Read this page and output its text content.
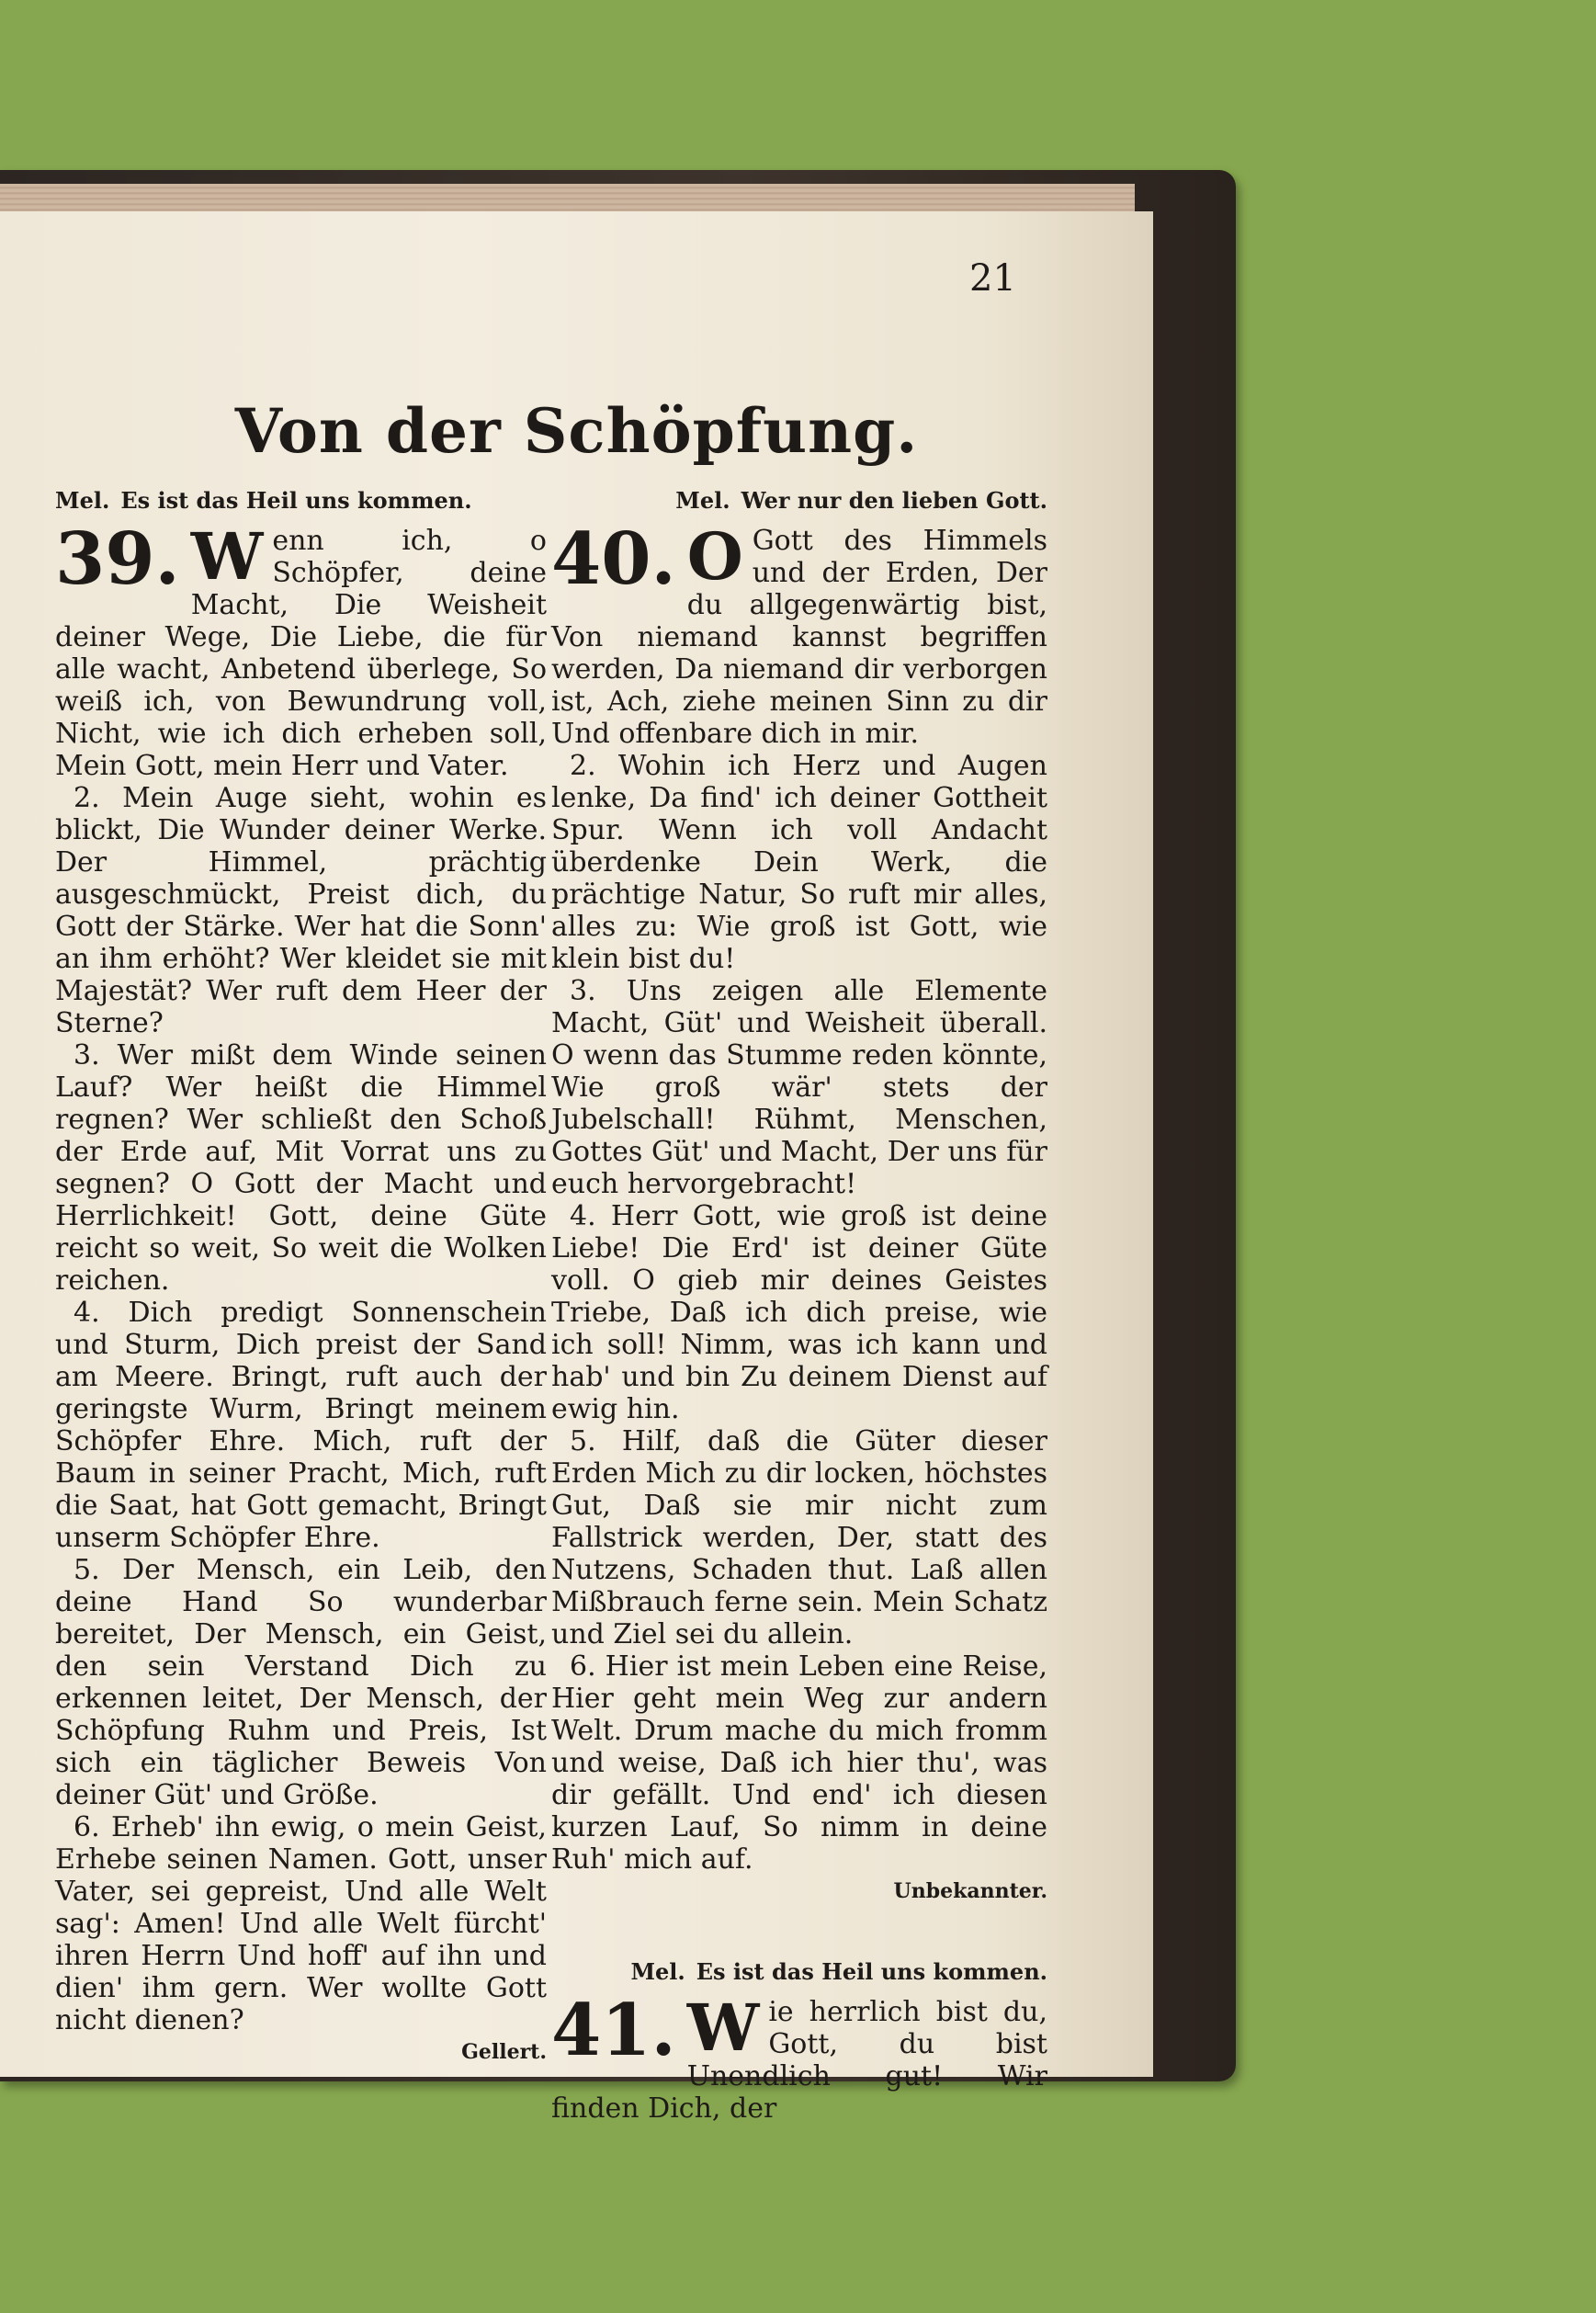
21

Von der Schöpfung.
Mel. Es ist das Heil uns kommen.
39. W enn ich, o Schöpfer, deine Macht, Die Weisheit deiner Wege, Die Liebe, die für alle wacht, Anbetend überlege, So weiß ich, von Bewundrung voll, Nicht, wie ich dich erheben soll, Mein Gott, mein Herr und Vater.

2. Mein Auge sieht, wohin es blickt, Die Wunder deiner Werke. Der Himmel, prächtig ausgeschmückt, Preist dich, du Gott der Stärke. Wer hat die Sonn' an ihm erhöht? Wer kleidet sie mit Majestät? Wer ruft dem Heer der Sterne?

3. Wer mißt dem Winde seinen Lauf? Wer heißt die Himmel regnen? Wer schließt den Schoß der Erde auf, Mit Vorrat uns zu segnen? O Gott der Macht und Herrlichkeit! Gott, deine Güte reicht so weit, So weit die Wolken reichen.

4. Dich predigt Sonnenschein und Sturm, Dich preist der Sand am Meere. Bringt, ruft auch der geringste Wurm, Bringt meinem Schöpfer Ehre. Mich, ruft der Baum in seiner Pracht, Mich, ruft die Saat, hat Gott gemacht, Bringt unserm Schöpfer Ehre.

5. Der Mensch, ein Leib, den deine Hand So wunderbar bereitet, Der Mensch, ein Geist, den sein Verstand Dich zu erkennen leitet, Der Mensch, der Schöpfung Ruhm und Preis, Ist sich ein täglicher Beweis Von deiner Güt' und Größe.

6. Erheb' ihn ewig, o mein Geist, Erhebe seinen Namen. Gott, unser Vater, sei gepreist, Und alle Welt sag': Amen! Und alle Welt fürcht' ihren Herrn Und hoff' auf ihn und dien' ihm gern. Wer wollte Gott nicht dienen?

Gellert.
Mel. Wer nur den lieben Gott.
40. O Gott des Himmels und der Erden, Der du allgegenwärtig bist, Von niemand kannst begriffen werden, Da niemand dir verborgen ist, Ach, ziehe meinen Sinn zu dir Und offenbare dich in mir.

2. Wohin ich Herz und Augen lenke, Da find' ich deiner Gottheit Spur. Wenn ich voll Andacht überdenke Dein Werk, die prächtige Natur, So ruft mir alles, alles zu: Wie groß ist Gott, wie klein bist du!

3. Uns zeigen alle Elemente Macht, Güt' und Weisheit überall. O wenn das Stumme reden könnte, Wie groß wär' stets der Jubelschall! Rühmt, Menschen, Gottes Güt' und Macht, Der uns für euch hervorgebracht!

4. Herr Gott, wie groß ist deine Liebe! Die Erd' ist deiner Güte voll. O gieb mir deines Geistes Triebe, Daß ich dich preise, wie ich soll! Nimm, was ich kann und hab' und bin Zu deinem Dienst auf ewig hin.

5. Hilf, daß die Güter dieser Erden Mich zu dir locken, höchstes Gut, Daß sie mir nicht zum Fallstrick werden, Der, statt des Nutzens, Schaden thut. Laß allen Mißbrauch ferne sein. Mein Schatz und Ziel sei du allein.

6. Hier ist mein Leben eine Reise, Hier geht mein Weg zur andern Welt. Drum mache du mich fromm und weise, Daß ich hier thu', was dir gefällt. Und end' ich diesen kurzen Lauf, So nimm in deine Ruh' mich auf.

Unbekannter.
Mel. Es ist das Heil uns kommen.
41. W ie herrlich bist du, Gott, du bist Unendlich gut! Wir finden Dich, der
